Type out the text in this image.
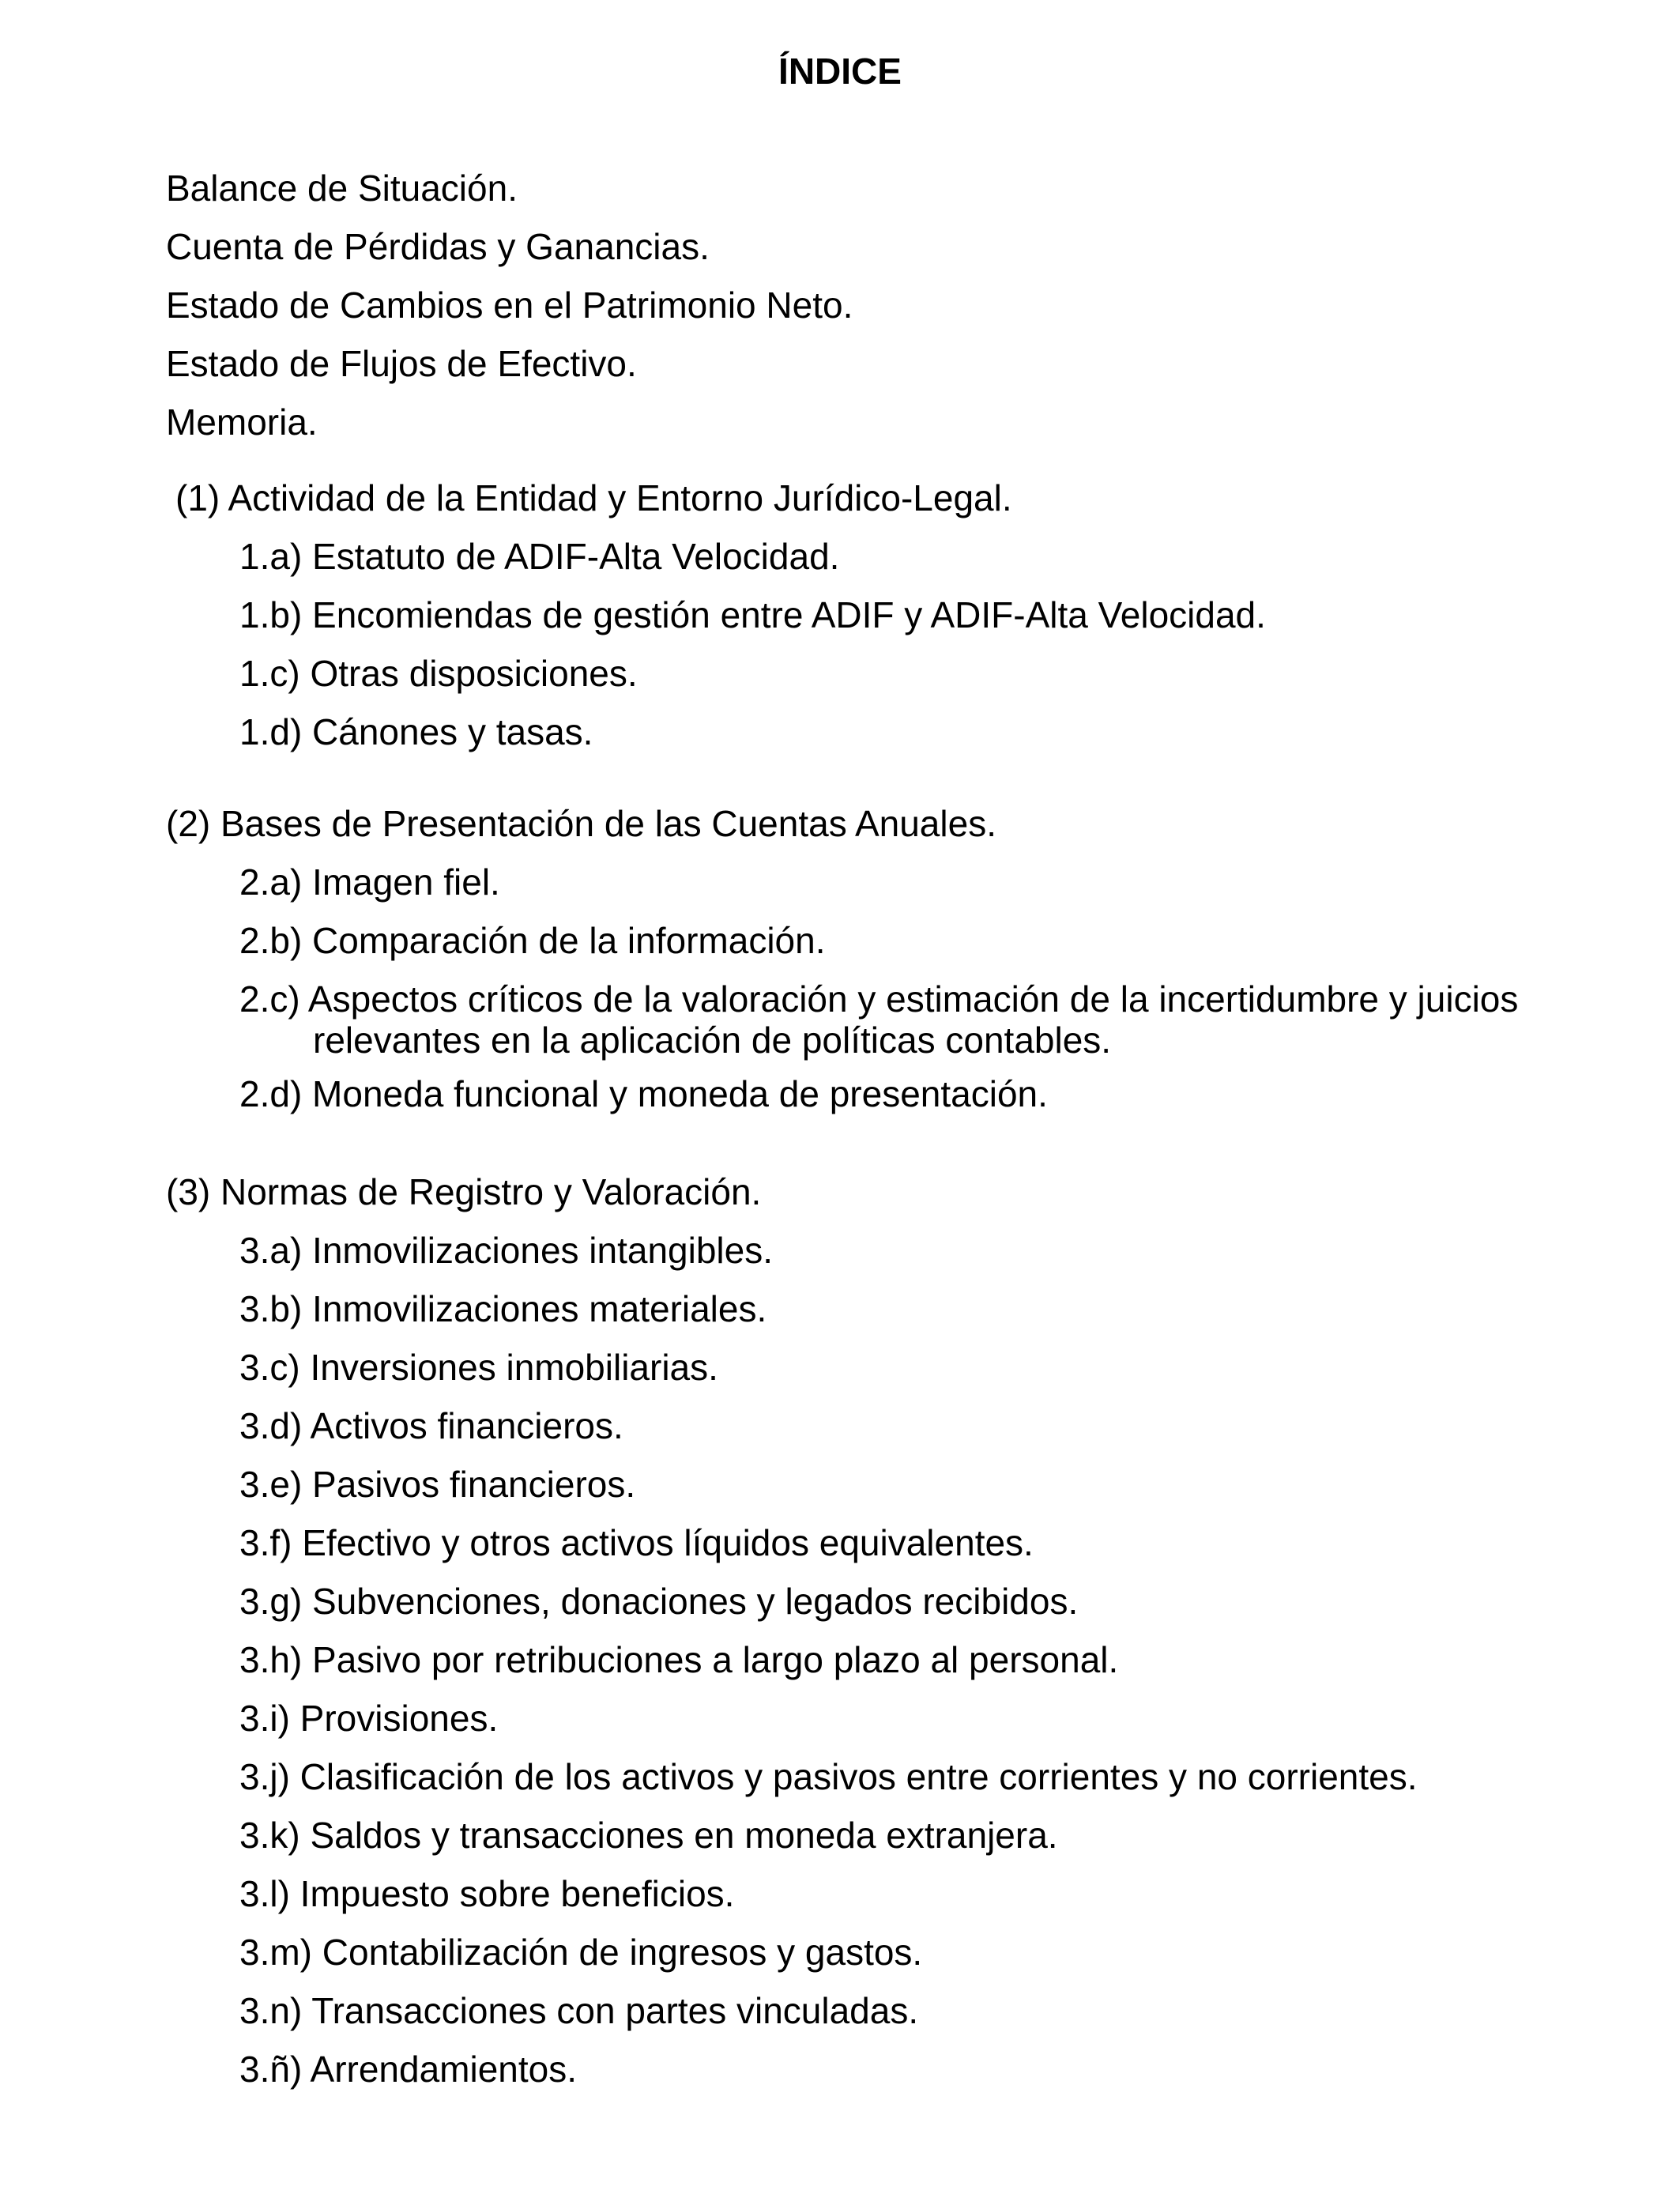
ÍNDICE
Balance de Situación.
Cuenta de Pérdidas y Ganancias.
Estado de Cambios en el Patrimonio Neto.
Estado de Flujos de Efectivo.
Memoria.
(1) Actividad de la Entidad y Entorno Jurídico-Legal.
1.a) Estatuto de ADIF-Alta Velocidad.
1.b) Encomiendas de gestión entre ADIF y ADIF-Alta Velocidad.
1.c) Otras disposiciones.
1.d) Cánones y tasas.
(2) Bases de Presentación de las Cuentas Anuales.
2.a) Imagen fiel.
2.b) Comparación de la información.
2.c) Aspectos críticos de la valoración y estimación de la incertidumbre y juicios
relevantes en la aplicación de políticas contables.
2.d) Moneda funcional y moneda de presentación.
(3) Normas de Registro y Valoración.
3.a) Inmovilizaciones intangibles.
3.b) Inmovilizaciones materiales.
3.c) Inversiones inmobiliarias.
3.d) Activos financieros.
3.e) Pasivos financieros.
3.f) Efectivo y otros activos líquidos equivalentes.
3.g) Subvenciones, donaciones y legados recibidos.
3.h) Pasivo por retribuciones a largo plazo al personal.
3.i) Provisiones.
3.j) Clasificación de los activos y pasivos entre corrientes y no corrientes.
3.k) Saldos y transacciones en moneda extranjera.
3.l) Impuesto sobre beneficios.
3.m) Contabilización de ingresos y gastos.
3.n) Transacciones con partes vinculadas.
3.ñ) Arrendamientos.
